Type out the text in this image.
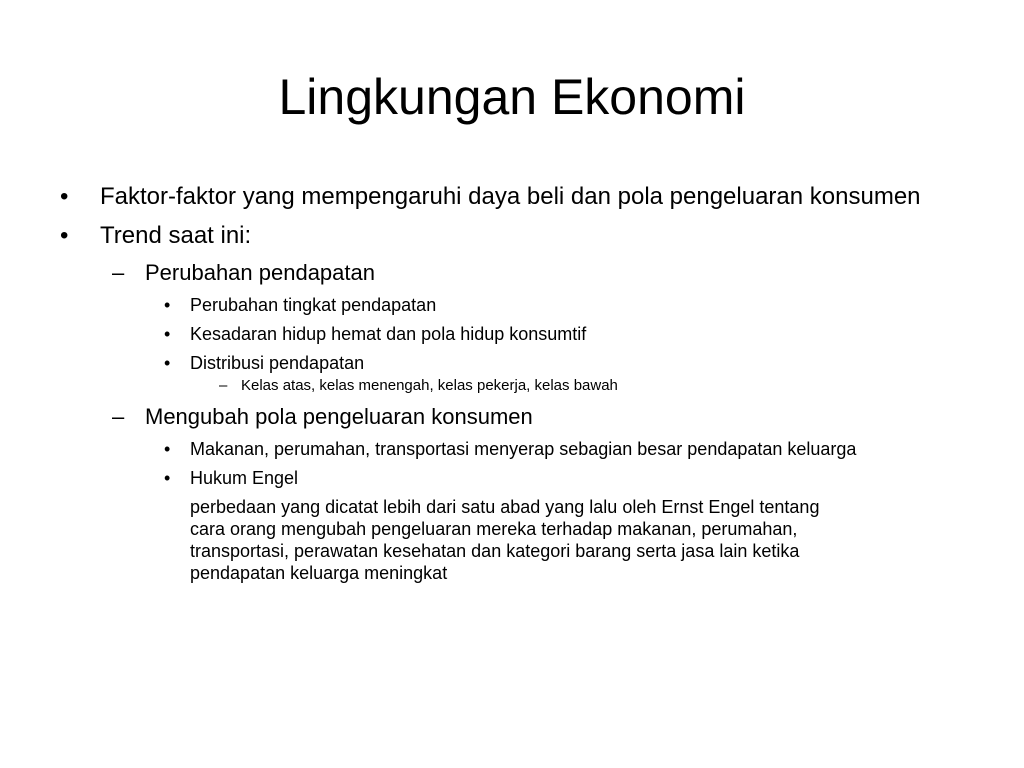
Lingkungan Ekonomi
• Faktor-faktor yang mempengaruhi daya beli dan pola pengeluaran konsumen
• Trend saat ini:
– Perubahan pendapatan
• Perubahan tingkat pendapatan
• Kesadaran hidup hemat dan pola hidup konsumtif
• Distribusi pendapatan
– Kelas atas, kelas menengah, kelas pekerja, kelas bawah
– Mengubah pola pengeluaran konsumen
• Makanan, perumahan, transportasi menyerap sebagian besar pendapatan keluarga
• Hukum Engel
perbedaan yang dicatat lebih dari satu abad yang lalu oleh Ernst Engel tentang cara orang mengubah pengeluaran mereka terhadap makanan, perumahan, transportasi, perawatan kesehatan dan kategori barang serta jasa lain ketika pendapatan keluarga meningkat
